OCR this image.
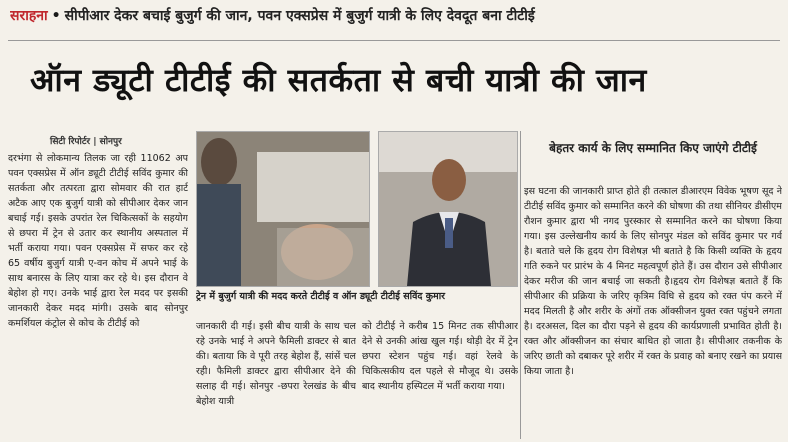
सराहना • सीपीआर देकर बचाई बुजुर्ग की जान, पवन एक्सप्रेस में बुजुर्ग यात्री के लिए देवदूत बना टीटीई
ऑन ड्यूटी टीटीई की सतर्कता से बची यात्री की जान
सिटी रिपोर्टर | सोनपुर
दरभंगा से लोकमान्य तिलक जा रही 11062 अप पवन एक्सप्रेस में ऑन ड्यूटी टीटीई सविंद कुमार की सतर्कता और तत्परता द्वारा सोमवार की रात हार्ट अटैक आए एक बुजुर्ग यात्री को सीपीआर देकर जान बचाई गई। इसके उपरांत रेल चिकित्सकों के सहयोग से छपरा में ट्रेन से उतार कर स्थानीय अस्पताल में भर्ती कराया गया। पवन एक्सप्रेस में सफर कर रहे 65 वर्षीय बुजुर्ग यात्री ए-वन कोच में अपने भाई के साथ बनारस के लिए यात्रा कर रहे थे। इस दौरान वे बेहोश हो गए। उनके भाई द्वारा रेल मदद पर इसकी जानकारी देकर मदद मांगी। उसके बाद सोनपुर कमर्शियल कंट्रोल से कोच के टीटीई को
ट्रेन में बुजुर्ग यात्री की मदद करते टीटीई व ऑन ड्यूटी टीटीई सविंद कुमार
जानकारी दी गई। इसी बीच यात्री के साथ चल रहे उनके भाई ने अपने फैमिली डाक्टर से बात की। बताया कि वे पूरी तरह बेहोश हैं, सांसें चल रही। फैमिली डाक्टर द्वारा सीपीआर देने की सलाह दी गई। सोनपुर -छपरा रेलखंड के बीच बेहोश यात्री
को टीटीई ने करीब 15 मिनट तक सीपीआर देने से उनकी आंख खुल गई। थोड़ी देर में ट्रेन छपरा स्टेशन पहुंच गई। वहां रेलवे के चिकित्सकीय दल पहले से मौजूद थे। उसके बाद स्थानीय हस्पिटल में भर्ती कराया गया।
बेहतर कार्य के लिए सम्मानित किए जाएंगे टीटीई
इस घटना की जानकारी प्राप्त होते ही तत्काल डीआरएम विवेक भूषण सूद ने टीटीई सविंद कुमार को सम्मानित करने की घोषणा की तथा सीनियर डीसीएम रौशन कुमार द्वारा भी नगद पुरस्कार से सम्मानित करने का घोषणा किया गया। इस उल्लेखनीय कार्य के लिए सोनपुर मंडल को सविंद कुमार पर गर्व है। बताते चले कि हृदय रोग विशेषज्ञ भी बताते है कि किसी व्यक्ति के हृदय गति रुकने पर प्रारंभ के 4 मिनट महत्वपूर्ण होते हैं। उस दौरान उसे सीपीआर देकर मरीज की जान बचाई जा सकती है।हृदय रोग विशेषज्ञ बताते हैं कि सीपीआर की प्रक्रिया के जरिए कृत्रिम विधि से हृदय को रक्त पंप करने में मदद मिलती है और शरीर के अंगों तक ऑक्सीजन युक्त रक्त पहुंचने लगता है। दरअसल, दिल का दौरा पड़ने से हृदय की कार्यप्रणाली प्रभावित होती है। रक्त और ऑक्सीजन का संचार बाधित हो जाता है। सीपीआर तकनीक के जरिए छाती को दबाकर पूरे शरीर में रक्त के प्रवाह को बनाए रखने का प्रयास किया जाता है।
